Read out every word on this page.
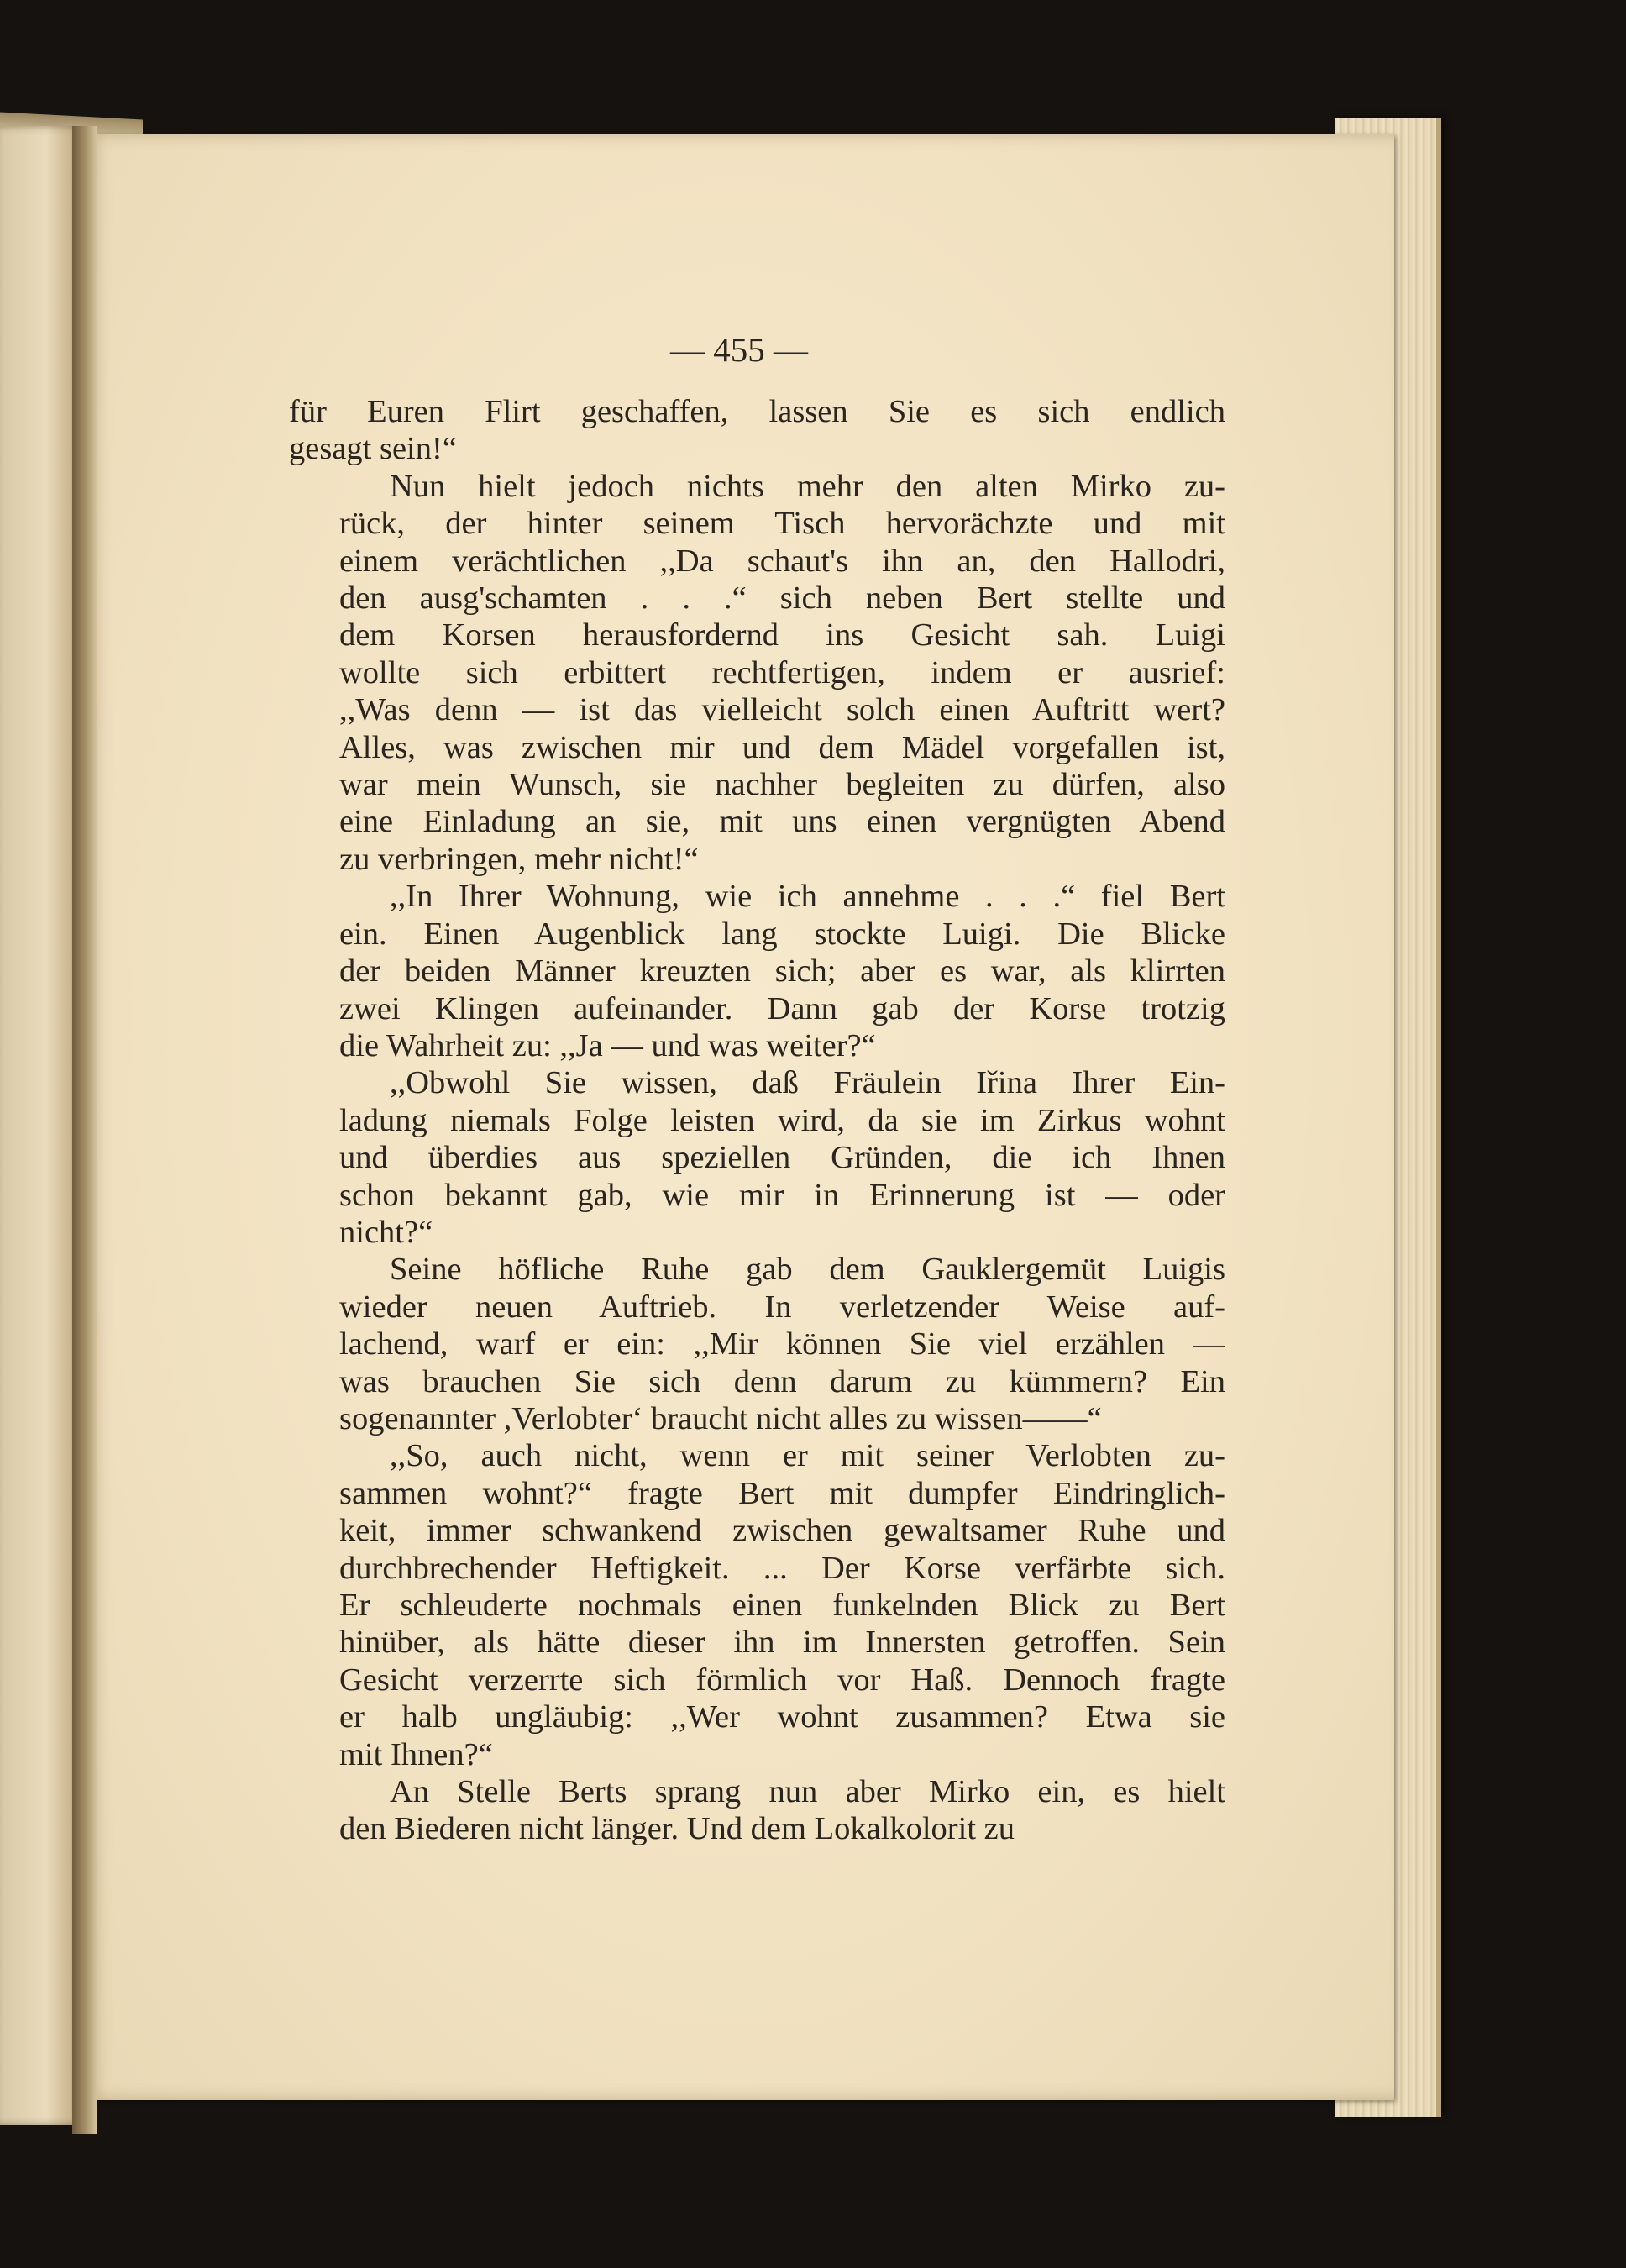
— 455 —

für Euren Flirt geschaffen, lassen Sie es sich endlich
gesagt sein!“
Nun hielt jedoch nichts mehr den alten Mirko zu-
rück, der hinter seinem Tisch hervorächzte und mit
einem verächtlichen ,,Da schaut's ihn an, den Hallodri,
den ausg'schamten . . .“ sich neben Bert stellte und
dem Korsen herausfordernd ins Gesicht sah. Luigi
wollte sich erbittert rechtfertigen, indem er ausrief:
,,Was denn — ist das vielleicht solch einen Auftritt wert?
Alles, was zwischen mir und dem Mädel vorgefallen ist,
war mein Wunsch, sie nachher begleiten zu dürfen, also
eine Einladung an sie, mit uns einen vergnügten Abend
zu verbringen, mehr nicht!“
,,In Ihrer Wohnung, wie ich annehme . . .“ fiel Bert
ein. Einen Augenblick lang stockte Luigi. Die Blicke
der beiden Männer kreuzten sich; aber es war, als klirrten
zwei Klingen aufeinander. Dann gab der Korse trotzig
die Wahrheit zu: ,,Ja — und was weiter?“
,,Obwohl Sie wissen, daß Fräulein Iřina Ihrer Ein-
ladung niemals Folge leisten wird, da sie im Zirkus wohnt
und überdies aus speziellen Gründen, die ich Ihnen
schon bekannt gab, wie mir in Erinnerung ist — oder
nicht?“
Seine höfliche Ruhe gab dem Gauklergemüt Luigis
wieder neuen Auftrieb. In verletzender Weise auf-
lachend, warf er ein: ,,Mir können Sie viel erzählen —
was brauchen Sie sich denn darum zu kümmern? Ein
sogenannter ,Verlobter‘ braucht nicht alles zu wissen——“
,,So, auch nicht, wenn er mit seiner Verlobten zu-
sammen wohnt?“ fragte Bert mit dumpfer Eindringlich-
keit, immer schwankend zwischen gewaltsamer Ruhe und
durchbrechender Heftigkeit. ... Der Korse verfärbte sich.
Er schleuderte nochmals einen funkelnden Blick zu Bert
hinüber, als hätte dieser ihn im Innersten getroffen. Sein
Gesicht verzerrte sich förmlich vor Haß. Dennoch fragte
er halb ungläubig: ,,Wer wohnt zusammen? Etwa sie
mit Ihnen?“
An Stelle Berts sprang nun aber Mirko ein, es hielt
den Biederen nicht länger. Und dem Lokalkolorit zu
